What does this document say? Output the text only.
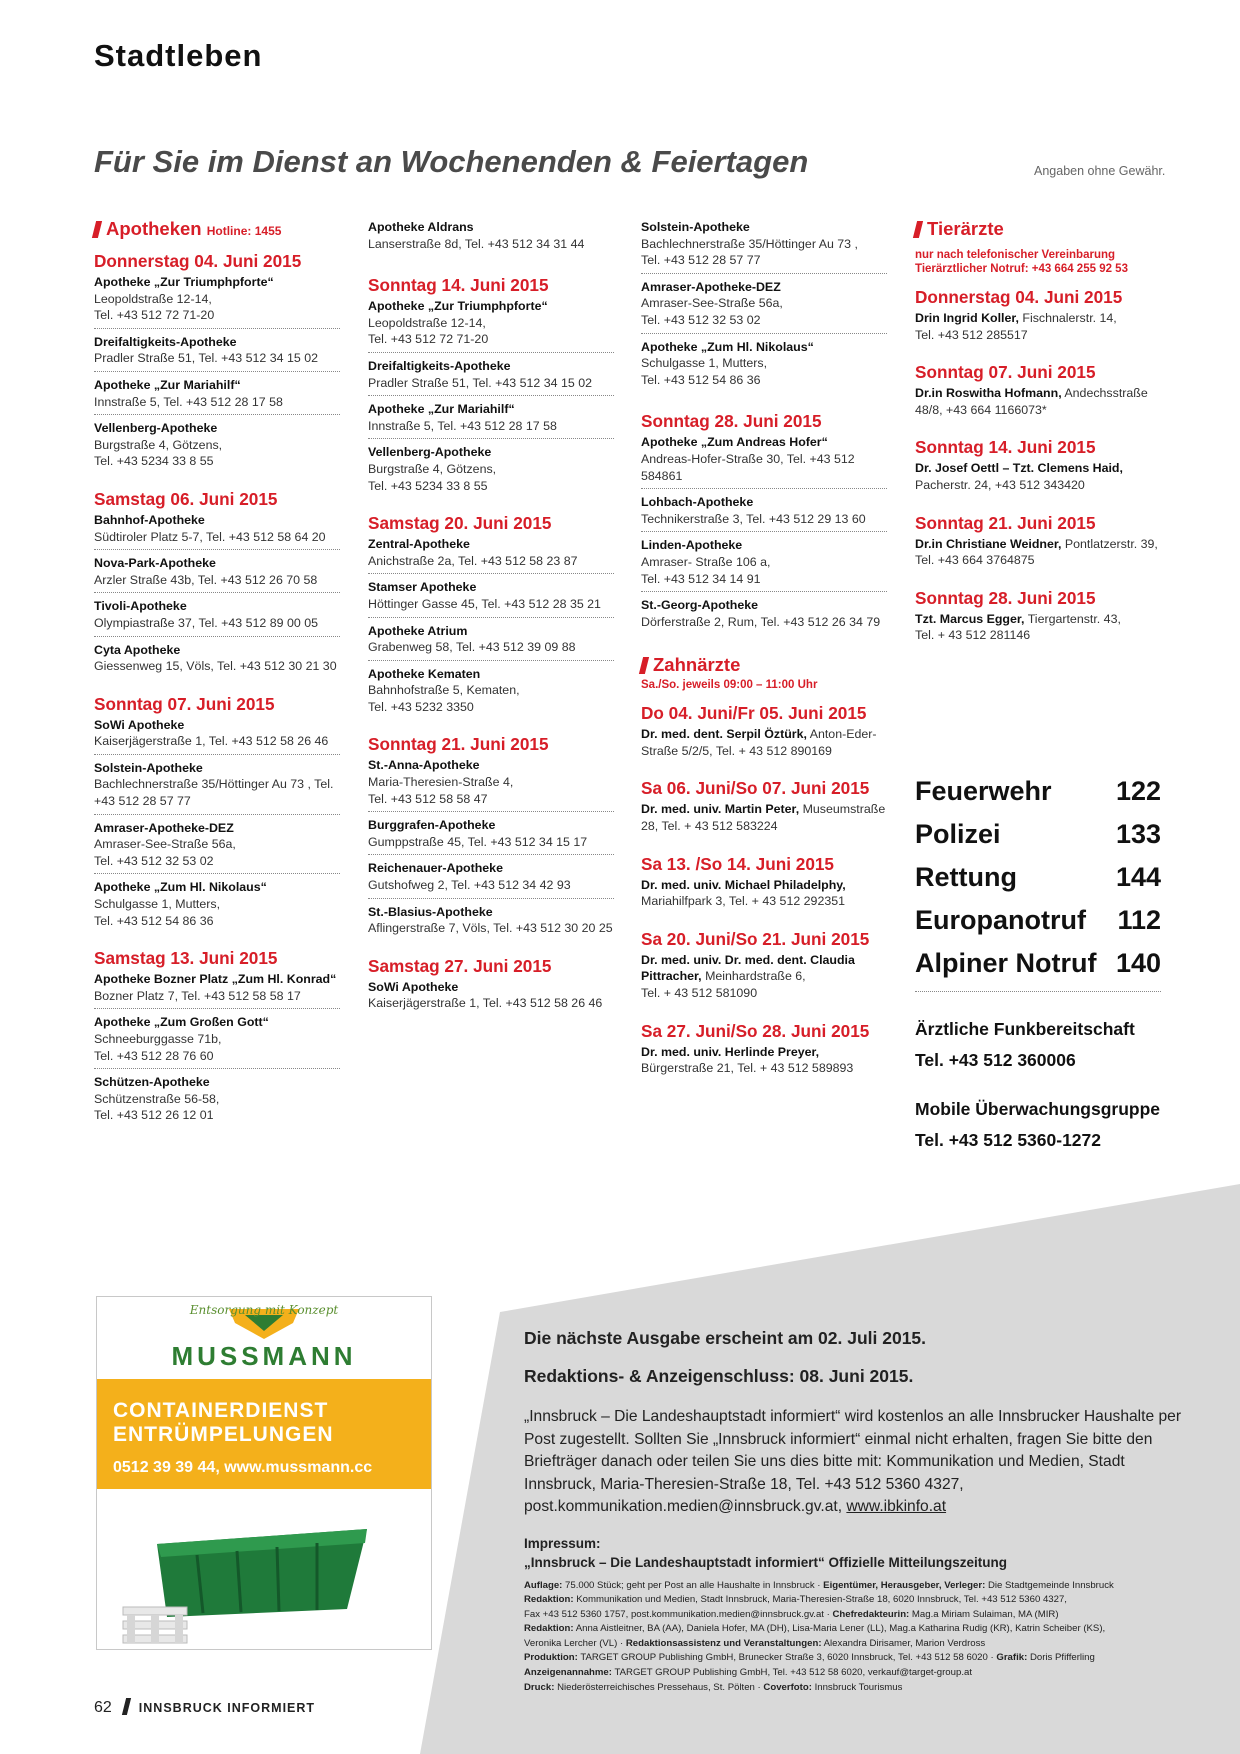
Stadtleben
Für Sie im Dienst an Wochenenden & Feiertagen	Angaben ohne Gewähr.
Apotheken Hotline: 1455
Donnerstag 04. Juni 2015
Apotheke „Zur Triumphpforte“
Leopoldstraße 12-14,
Tel. +43 512 72 71-20
Dreifaltigkeits-Apotheke
Pradler Straße 51, Tel. +43 512 34 15 02
Apotheke „Zur Mariahilf“
Innstraße 5, Tel. +43 512 28 17 58
Vellenberg-Apotheke
Burgstraße 4, Götzens,
Tel. +43 5234 33 8 55
Samstag 06. Juni 2015
Bahnhof-Apotheke
Südtiroler Platz 5-7, Tel. +43 512 58 64 20
Nova-Park-Apotheke
Arzler Straße 43b, Tel. +43 512 26 70 58
Tivoli-Apotheke
Olympiastraße 37, Tel. +43 512 89 00 05
Cyta Apotheke
Giessenweg 15, Völs, Tel. +43 512 30 21 30
Sonntag 07. Juni 2015
SoWi Apotheke
Kaiserjägerstraße 1, Tel. +43 512 58 26 46
Solstein-Apotheke
Bachlechnerstraße 35/Höttinger Au 73 , Tel.
+43 512 28 57 77
Amraser-Apotheke-DEZ
Amraser-See-Straße 56a,
Tel. +43 512 32 53 02
Apotheke „Zum Hl. Nikolaus“
Schulgasse 1, Mutters,
Tel. +43 512 54 86 36
Samstag 13. Juni 2015
Apotheke Bozner Platz „Zum Hl. Konrad“
Bozner Platz 7, Tel. +43 512 58 58 17
Apotheke „Zum Großen Gott“
Schneeburggasse 71b,
Tel. +43 512 28 76 60
Schützen-Apotheke
Schützenstraße 56-58,
Tel. +43 512 26 12 01
Apotheke Aldrans
Lanserstraße 8d, Tel. +43 512 34 31 44
Sonntag 14. Juni 2015
Apotheke „Zur Triumphpforte“
Leopoldstraße 12-14,
Tel. +43 512 72 71-20
Dreifaltigkeits-Apotheke
Pradler Straße 51, Tel. +43 512 34 15 02
Apotheke „Zur Mariahilf“
Innstraße 5, Tel. +43 512 28 17 58
Vellenberg-Apotheke
Burgstraße 4, Götzens,
Tel. +43 5234 33 8 55
Samstag 20. Juni 2015
Zentral-Apotheke
Anichstraße 2a, Tel. +43 512 58 23 87
Stamser Apotheke
Höttinger Gasse 45, Tel. +43 512 28 35 21
Apotheke Atrium
Grabenweg 58, Tel. +43 512 39 09 88
Apotheke Kematen
Bahnhofstraße 5, Kematen,
Tel. +43 5232 3350
Sonntag 21. Juni 2015
St.-Anna-Apotheke
Maria-Theresien-Straße 4,
Tel. +43 512 58 58 47
Burggrafen-Apotheke
Gumppstraße 45, Tel. +43 512 34 15 17
Reichenauer-Apotheke
Gutshofweg 2, Tel. +43 512 34 42 93
St.-Blasius-Apotheke
Aflingerstraße 7, Völs, Tel. +43 512 30 20 25
Samstag 27. Juni 2015
SoWi Apotheke
Kaiserjägerstraße 1, Tel. +43 512 58 26 46
Solstein-Apotheke
Bachlechnerstraße 35/Höttinger Au 73 ,
Tel. +43 512 28 57 77
Amraser-Apotheke-DEZ
Amraser-See-Straße 56a,
Tel. +43 512 32 53 02
Apotheke „Zum Hl. Nikolaus“
Schulgasse 1, Mutters,
Tel. +43 512 54 86 36
Sonntag 28. Juni 2015
Apotheke „Zum Andreas Hofer“
Andreas-Hofer-Straße 30, Tel. +43 512
584861
Lohbach-Apotheke
Technikerstraße 3, Tel. +43 512 29 13 60
Linden-Apotheke
Amraser- Straße 106 a,
Tel. +43 512 34 14 91
St.-Georg-Apotheke
Dörferstraße 2, Rum, Tel. +43 512 26 34 79
Zahnärzte
Sa./So. jeweils 09:00 – 11:00 Uhr
Do 04. Juni/Fr 05. Juni 2015
Dr. med. dent. Serpil Öztürk, Anton-Eder-Straße 5/2/5, Tel. + 43 512 890169
Sa 06. Juni/So 07. Juni 2015
Dr. med. univ. Martin Peter, Museumstraße 28, Tel. + 43 512 583224
Sa 13. /So 14. Juni 2015
Dr. med. univ. Michael Philadelphy, Mariahilfpark 3, Tel. + 43 512 292351
Sa 20. Juni/So 21. Juni 2015
Dr. med. univ. Dr. med. dent. Claudia Pittracher, Meinhardstraße 6,
Tel. + 43 512 581090
Sa 27. Juni/So 28. Juni 2015
Dr. med. univ. Herlinde Preyer, Bürgerstraße 21, Tel. + 43 512 589893
Tierärzte
nur nach telefonischer Vereinbarung
Tierärztlicher Notruf: +43 664 255 92 53
Donnerstag 04. Juni 2015
Drin Ingrid Koller, Fischnalerstr. 14,
Tel. +43 512 285517
Sonntag 07. Juni 2015
Dr.in Roswitha Hofmann, Andechsstraße 48/8, +43 664 1166073*
Sonntag 14. Juni 2015
Dr. Josef Oettl – Tzt. Clemens Haid, Pacherstr. 24, +43 512 343420
Sonntag 21. Juni 2015
Dr.in Christiane Weidner, Pontlatzerstr. 39,
Tel. +43 664 3764875
Sonntag 28. Juni 2015
Tzt. Marcus Egger, Tiergartenstr. 43,
Tel. + 43 512 281146
Feuerwehr 122
Polizei	133
Rettung	144
Europanotruf 112
Alpiner Notruf 140
Ärztliche Funkbereitschaft
Tel. +43 512 360006
Mobile Überwachungsgruppe
Tel. +43 512 5360-1272
Entsorgung mit Konzept
MUSSMANN
CONTAINERDIENST
ENTRÜMPELUNGEN
0512 39 39 44, www.mussmann.cc
Die nächste Ausgabe erscheint am 02. Juli 2015.
Redaktions- & Anzeigenschluss: 08. Juni 2015.
„Innsbruck – Die Landeshauptstadt informiert“ wird kostenlos an alle Innsbrucker Haushalte per Post zugestellt. Sollten Sie „Innsbruck informiert“ einmal nicht erhalten, fragen Sie bitte den Briefträger danach oder teilen Sie uns dies bitte mit: Kommunikation und Medien, Stadt Innsbruck, Maria-Theresien-Straße 18, Tel. +43 512 5360 4327, post.kommunikation.medien@innsbruck.gv.at, www.ibkinfo.at
Impressum:
„Innsbruck – Die Landeshauptstadt informiert“ Offizielle Mitteilungszeitung
Auflage: 75.000 Stück; geht per Post an alle Haushalte in Innsbruck · Eigentümer, Herausgeber, Verleger: Die Stadtgemeinde Innsbruck
Redaktion: Kommunikation und Medien, Stadt Innsbruck, Maria-Theresien-Straße 18, 6020 Innsbruck, Tel. +43 512 5360 4327,
Fax +43 512 5360 1757, post.kommunikation.medien@innsbruck.gv.at · Chefredakteurin: Mag.a Miriam Sulaiman, MA (MIR)
Redaktion: Anna Aistleitner, BA (AA), Daniela Hofer, MA (DH), Lisa-Maria Lener (LL), Mag.a Katharina Rudig (KR), Katrin Scheiber (KS),
Veronika Lercher (VL) · Redaktionsassistenz und Veranstaltungen: Alexandra Dirisamer, Marion Verdross
Produktion: TARGET GROUP Publishing GmbH, Brunecker Straße 3, 6020 Innsbruck, Tel. +43 512 58 6020 · Grafik: Doris Pfifferling
Anzeigenannahme: TARGET GROUP Publishing GmbH, Tel. +43 512 58 6020, verkauf@target-group.at
Druck: Niederösterreichisches Pressehaus, St. Pölten · Coverfoto: Innsbruck Tourismus
62 INNSBRUCK INFORMIERT
